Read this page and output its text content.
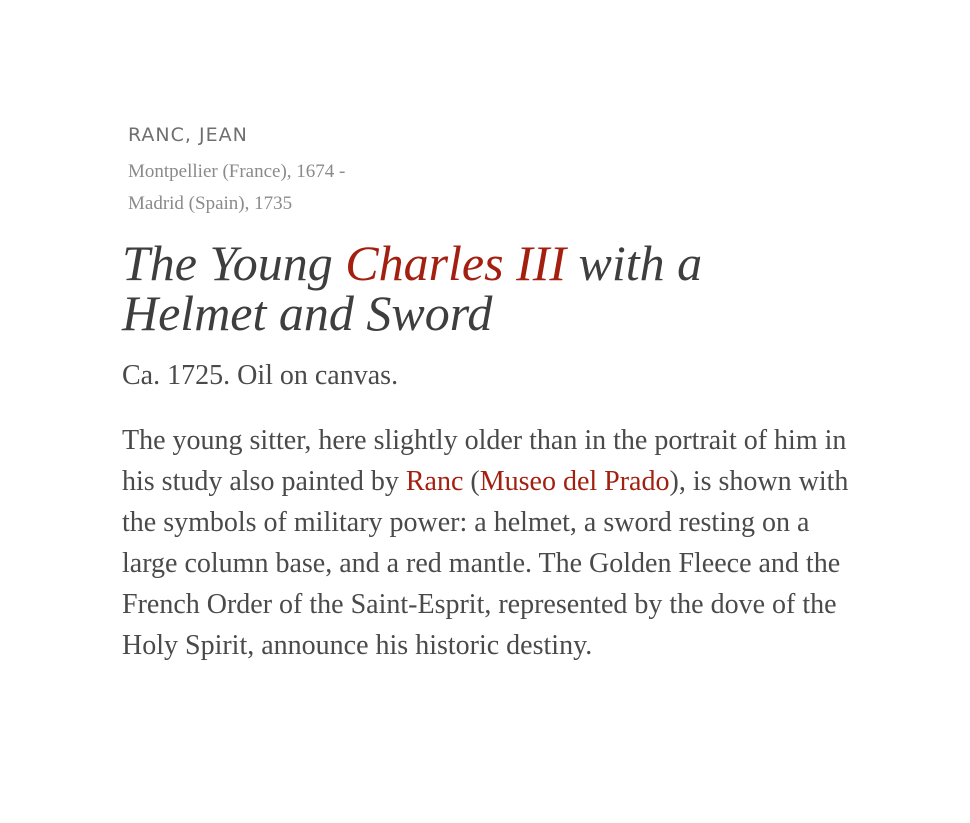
RANC, JEAN
Montpellier (France), 1674 -
Madrid (Spain), 1735
The Young Charles III with a Helmet and Sword
Ca. 1725. Oil on canvas.

The young sitter, here slightly older than in the portrait of him in his study also painted by Ranc (Museo del Prado), is shown with the symbols of military power: a helmet, a sword resting on a large column base, and a red mantle. The Golden Fleece and the French Order of the Saint-Esprit, represented by the dove of the Holy Spirit, announce his historic destiny.
